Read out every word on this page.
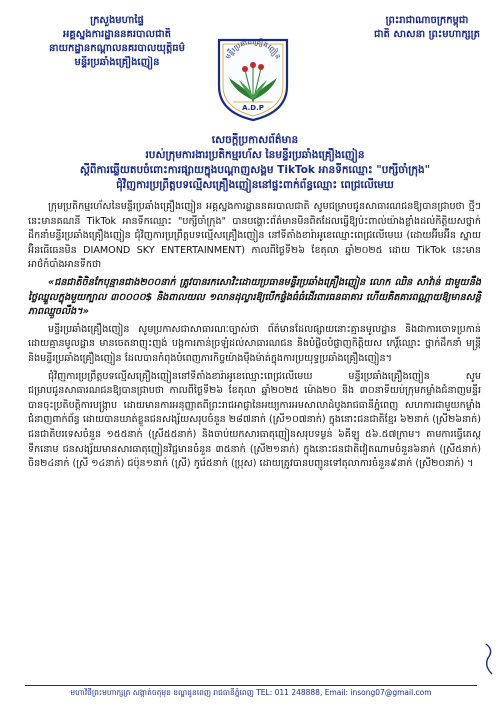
ក្រសួងមហាផ្ទៃ
អគ្គស្នងការដ្ឋាននគរបាលជាតិ
នាយកដ្ឋានកណ្តាលនគរបាលយុត្តិធម៌
មន្ទីរប្រឆាំងគ្រឿងញៀន
ព្រះរាជាណាចក្រកម្ពុជា
ជាតិ សាសនា ព្រះមហាក្សត្រ
មន្ទីរប្រឆាំងគ្រឿងញៀន
A.D.P
សេចក្តីប្រកាសព័ត៌មាន
របស់ក្រុមការងារប្រតិកម្មរហ័ស នៃមន្ទីរប្រឆាំងគ្រឿងញៀន
ស្តីពីការឆ្លើយតបចំពោះការផ្សាយក្នុងបណ្តាញសង្គម TikTok អានទីកឈ្មោះ "បក្សីចាំក្រុង"
ជុំវិញការប្រព្រឹត្តបទល្មើសគ្រឿងញៀននៅផ្ទះពាក់ព័ន្ធឈ្មោះ ពេជ្រលើមេឃ

ក្រុមប្រតិកម្មរហ័សនៃមន្ទីរប្រឆាំងគ្រឿងញៀន អគ្គស្នងការដ្ឋាននគរបាលជាតិ សូមជម្រាបជូនសាធារណជនឱ្យបានជ្រាបថា ថ្មីៗនេះមានគណនី TikTok អានទីកឈ្មោះ "បក្សីចាំក្រុង" បានបង្ហោះព័ត៌មានមិនពិតដែលធ្វើឱ្យប៉ះពាល់យ៉ាងខ្លាំងដល់កិត្តិយសថ្នាក់ដឹកនាំមន្ទីរប្រឆាំងគ្រឿងញៀន ជុំវិញការប្រព្រឹត្តបទល្មើសគ្រឿងញៀន នៅទីតាំងខារ៉ាអូខេឈ្មោះពេជ្រលើមេឃ (ដោយអ៊ីមអ៊ីន ស្នាយ អ៊ិនធើធេនមិន DIAMOND SKY ENTERTAINMENT) កាលពីថ្ងៃទី២៦ ខែតុលា ឆ្នាំ២០២៥ ដោយ TikTok នេះមានអាថ៌កំបាំងអានទីកថា

«ជនជាតិចិនកែបុន្មានជាង២០០នាក់ ត្រូវបានរកសោវិះដោយប្រធានមន្ទីរប្រឆាំងគ្រឿងញៀន លោក ឈិន សាវ៉ាន់ ជាមួយនឹងថ្លៃឈ្នួលក្នុងមួយក្បាល ៣០០០០$ និងពាលយល ១លានដុល្លារឱ្យបើកផ្ទំងធំធំដើរពារធនធាគារ ហើយគិតគារពណ្ណាយឱ្យមានសន្តិភាពឈ្មួចលឹង។»

មន្ទីរប្រឆាំងគ្រឿងញៀន សូមប្រកាសជាសាធារណៈច្បាស់ថា ព័ត៌មានដែលផ្សាយនោះគ្មានមូលដ្ឋាន និងជាការចោទប្រកាន់ដោយគ្មានមូលដ្ឋាន មានចេតនាញុះញង់ បង្កការភាន់ច្រឡំដល់សាធារណជន និងបំផ្លិចបំផ្លាញកិត្តិយស កេរ្តិ៍ឈ្មោះ ថ្នាក់ដឹកនាំ មន្ត្រី និងមន្ទីរប្រឆាំងគ្រឿងញៀន ដែលបានកំពុងបំពេញភារកិច្ចយ៉ាងម៉ឺងម៉ាត់ក្នុងការប្រយុទ្ធប្រឆាំងគ្រឿងញៀន។

ជុំវិញការប្រព្រឹត្តបទល្មើសគ្រឿងញៀននៅទីតាំងខារ៉ាអូខេឈ្មោះពេជ្រលើមេឃ មន្ទីរប្រឆាំងគ្រឿងញៀន សូមជម្រាបជូនសាធារណជនឱ្យបានជ្រាបថា កាលពីថ្ងៃទី២៦ ខែតុលា ឆ្នាំ២០២៥ ម៉ោង២០ និង ៣០នាទីយប់ក្រុមកម្លាំងជំនាញមន្ទីរបានចុះប្រតិបត្តិការបង្ក្រាប ដោយមានការអនុញ្ញាតពីព្រះរាជអាជ្ញានៃអយ្យការអមសាលាដំបូងរាជធានីភ្នំពេញ សហការជាមួយកម្លាំងជំនាញពាក់ព័ន្ធ ដោយបានឃាត់ខ្លួនជនសង្ស័យសរុបចំនួន ២៨៧នាក់ (ស្រី១០៧នាក់) ក្នុងនោះជនជាតិខ្មែរ ៦២នាក់ (ស្រី២៦នាក់) ជនជាតិបរទេសចំនួន ១៥៥នាក់ (ស្រី៥៥នាក់) និងចាប់យកសារធាតុញៀនសរុបទម្ងន់ ៦គីឡូ ៥៦.៥៧ក្រាម។ តាមការធ្វើតេស្តទឹកនោម ជនសង្ស័យមានសារធាតុញៀនវិជ្ជមានចំនួន ៣៥នាក់ (ស្រី២១នាក់) ក្នុងនោះជនជាតិវៀតណាមចំនួន៦នាក់ (ស្រី៥នាក់) ចិន២៤នាក់ (ស្រី ១៤នាក់) ជប៉ុន១នាក់ (ស្រី) កូរ៉េ៥នាក់ (ប្រុស) ដោយត្រូវបានបញ្ជូនទៅតុលាការចំនួន៩នាក់ (ស្រី២០នាក់) ។

មហាវិថីព្រះមហាក្សត្រ សង្កាត់ចតុមុខ ខណ្ឌដូនពេញ រាជធានីភ្នំពេញ TEL: 011 248888, Email: insong07@gmail.com
